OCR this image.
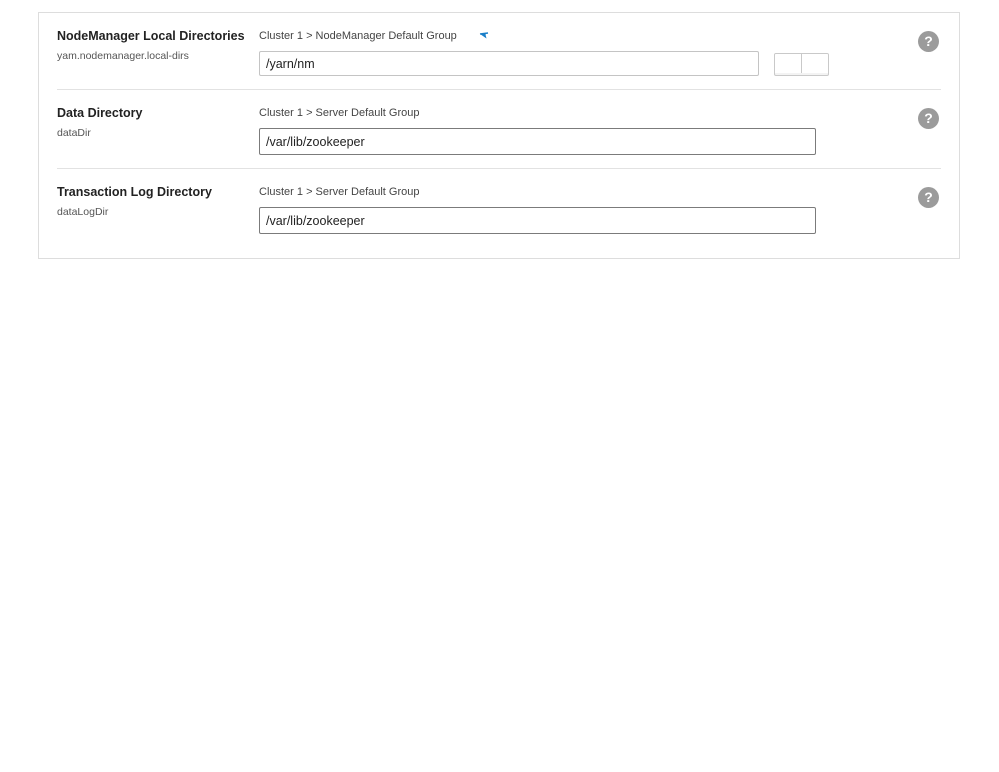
NodeManager Local Directories
yam.nodemanager.local-dirs
Cluster 1 > NodeManager Default Group
/yarn/nm	?
Data Directory
dataDir
Cluster 1 > Server Default Group
/var/lib/zookeeper	?
Transaction Log Directory
dataLogDir
Cluster 1 > Server Default Group
/var/lib/zookeeper	?
